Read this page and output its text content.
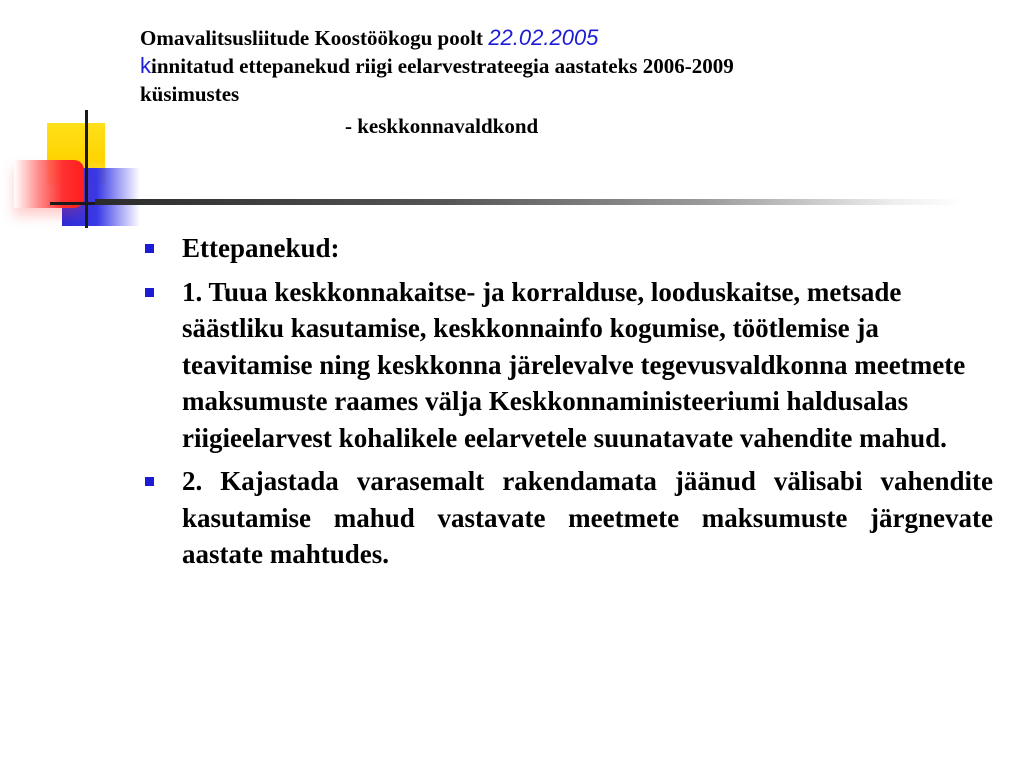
Omavalitsusliitude Koostöökogu poolt 22.02.2005
kinnitatud ettepanekud riigi eelarvestrateegia aastateks 2006-2009
küsimustes
- keskkonnavaldkond
Ettepanekud:
1. Tuua keskkonnakaitse- ja korralduse, looduskaitse, metsade säästliku kasutamise, keskkonnainfo kogumise, töötlemise ja teavitamise ning keskkonna järelevalve tegevusvaldkonna meetmete maksumuste raames välja Keskkonnaministeeriumi haldusalas riigieelarvest kohalikele eelarvetele suunatavate vahendite mahud.
2. Kajastada varasemalt rakendamata jäänud välisabi vahendite kasutamise mahud vastavate meetmete maksumuste järgnevate aastate mahtudes.
